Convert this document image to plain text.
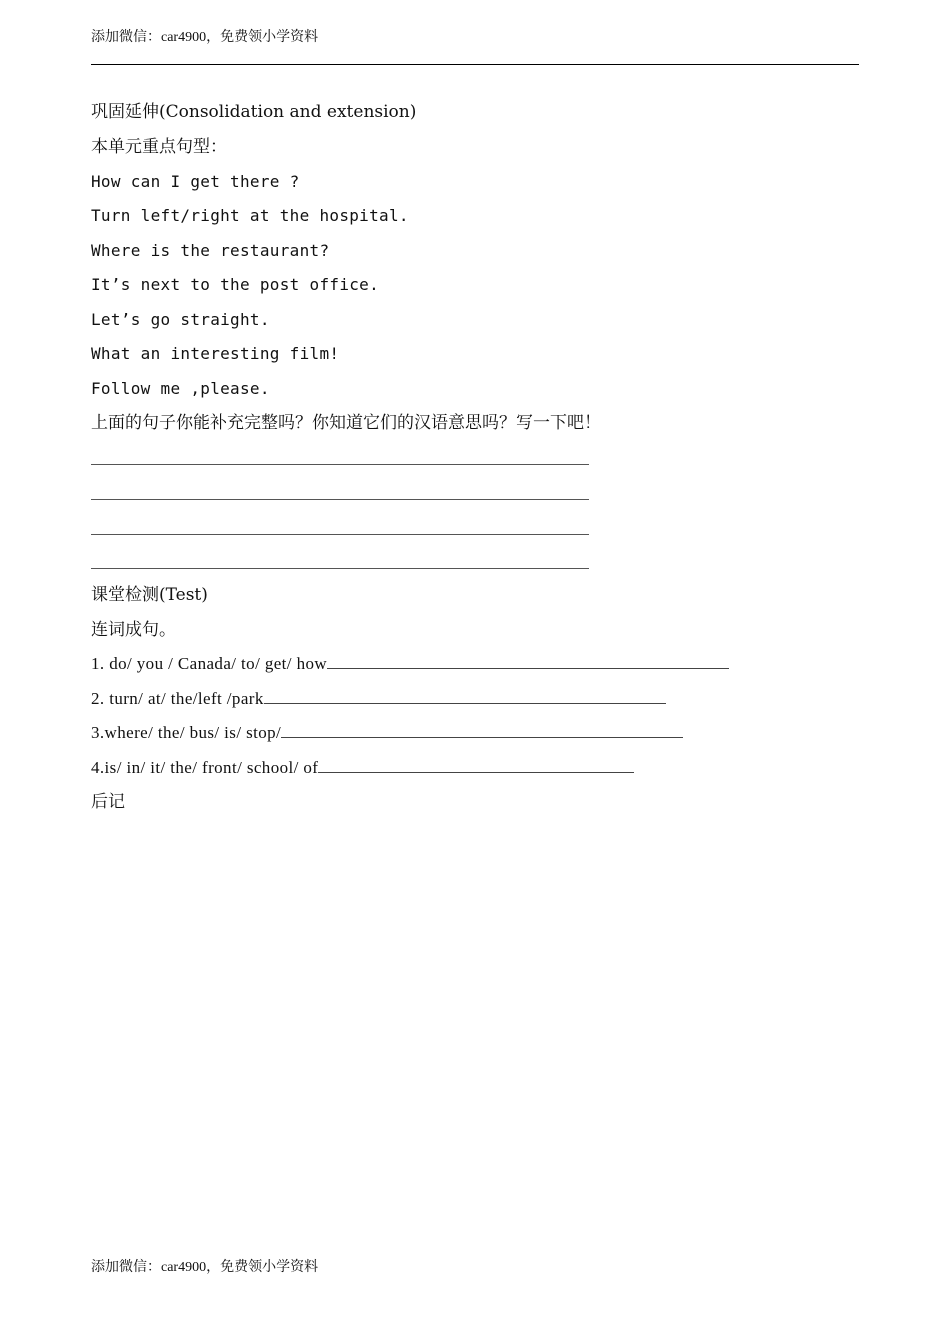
添加微信：car4900，免费领小学资料
巩固延伸(Consolidation and extension)
本单元重点句型：
How can I get there ?
Turn left/right at the hospital.
Where is the restaurant?
It’s next to the post office.
Let’s go straight.
What an interesting film!
Follow me ,please.
上面的句子你能补充完整吗？你知道它们的汉语意思吗？写一下吧！
课堂检测(Test)
连词成句。
1. do/ you / Canada/ to/ get/ how
2. turn/ at/ the/left /park
3.where/ the/ bus/ is/ stop/
4.is/ in/ it/ the/ front/ school/ of
后记
添加微信：car4900，免费领小学资料
